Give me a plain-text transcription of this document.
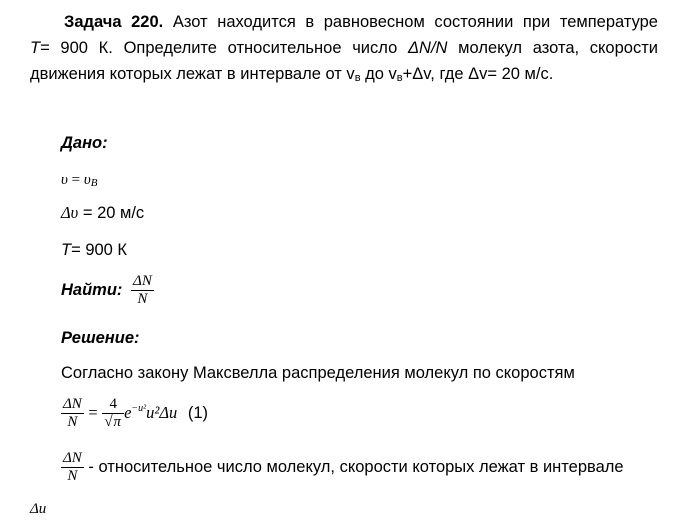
Задача 220. Азот находится в равновесном состоянии при температуре
T= 900 К. Определите относительное число ΔN/N молекул азота, скорости
движения которых лежат в интервале от vв до vв+Δv, где Δv= 20 м/с.
Дано:
υ = υB
Δυ = 20 м/с
T= 900 К
Найти: $\frac{\Delta N}{N}$
Решение:
Согласно закону Максвелла распределения молекул по скоростям
$\frac{\Delta N}{N} = \frac{4}{√\pi} e^{-u^2}u^2\Delta u$ (1)
$\frac{\Delta N}{N}$ - относительное число молекул, скорости которых лежат в интервале
Δu
